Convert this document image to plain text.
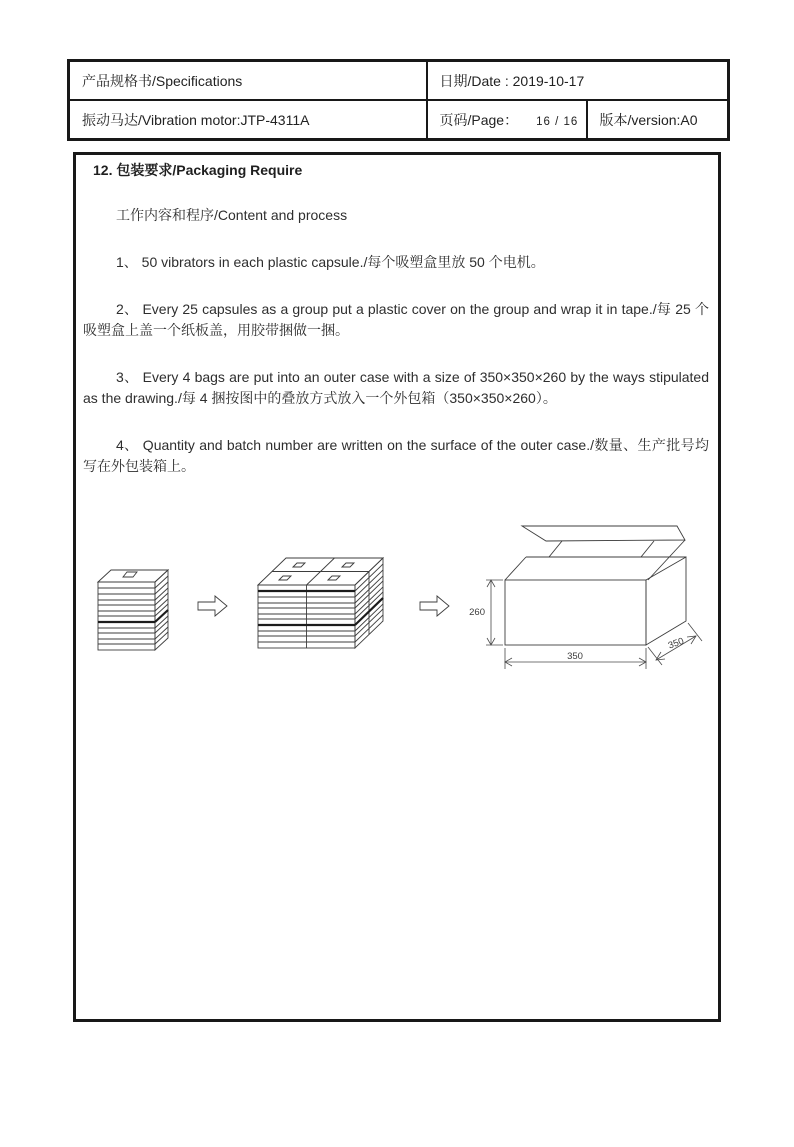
产品规格书/Specifications	日期/Date : 2019-10-17	
振动马达/Vibration motor:JTP-4311A	页码/Page： 16 / 16	版本/version:A0
12. 包装要求/Packaging Require
工作内容和程序/Content and process

1、 50 vibrators in each plastic capsule./每个吸塑盒里放 50 个电机。

2、 Every 25 capsules as a group put a plastic cover on the group and wrap it in tape./每 25 个吸塑盒上盖一个纸板盖，用胶带捆做一捆。

3、 Every 4 bags are put into an outer case with a size of 350×350×260 by the ways stipulated as the drawing./每 4 捆按图中的叠放方式放入一个外包箱（350×350×260）。

4、 Quantity and batch number are written on the surface of the outer case./数量、生产批号均写在外包装箱上。

260
350
350
